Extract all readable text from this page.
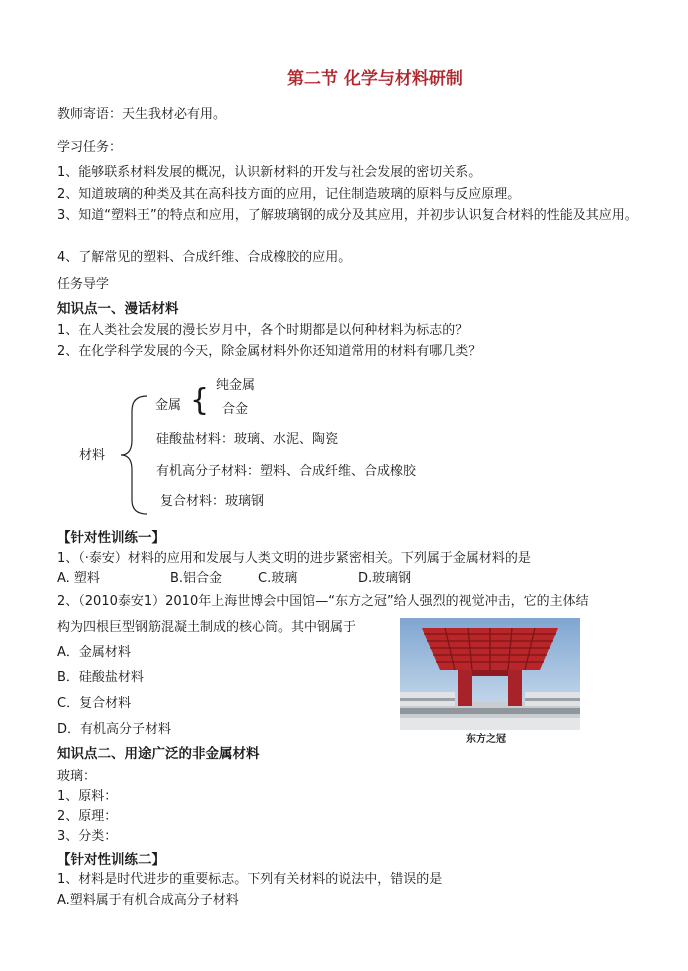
第二节 化学与材料研制
教师寄语：天生我材必有用。
学习任务：
1、能够联系材料发展的概况，认识新材料的开发与社会发展的密切关系。
2、知道玻璃的种类及其在高科技方面的应用，记住制造玻璃的原料与反应原理。
3、知道“塑料王”的特点和应用，了解玻璃钢的成分及其应用，并初步认识复合材料的性能及其应用。
4、了解常见的塑料、合成纤维、合成橡胶的应用。
任务导学
知识点一、漫话材料
1、在人类社会发展的漫长岁月中，各个时期都是以何种材料为标志的？
2、在化学科学发展的今天，除金属材料外你还知道常用的材料有哪几类？
材料
金属 { 纯金属
合金
硅酸盐材料：玻璃、水泥、陶瓷
有机高分子材料：塑料、合成纤维、合成橡胶
复合材料：玻璃钢
【针对性训练一】
1、（·泰安）材料的应用和发展与人类文明的进步紧密相关。下列属于金属材料的是
A. 塑料	B.铝合金	C.玻璃	D.玻璃钢
2、（2010泰安1）2010年上海世博会中国馆—“东方之冠”给人强烈的视觉冲击，它的主体结
构为四根巨型钢筋混凝土制成的核心筒。其中钢属于
A．金属材料
B．硅酸盐材料
C．复合材料
D．有机高分子材料
东方之冠
知识点二、用途广泛的非金属材料
玻璃：
1、原料：
2、原理：
3、分类：
【针对性训练二】
1、材料是时代进步的重要标志。下列有关材料的说法中，错误的是
A.塑料属于有机合成高分子材料
